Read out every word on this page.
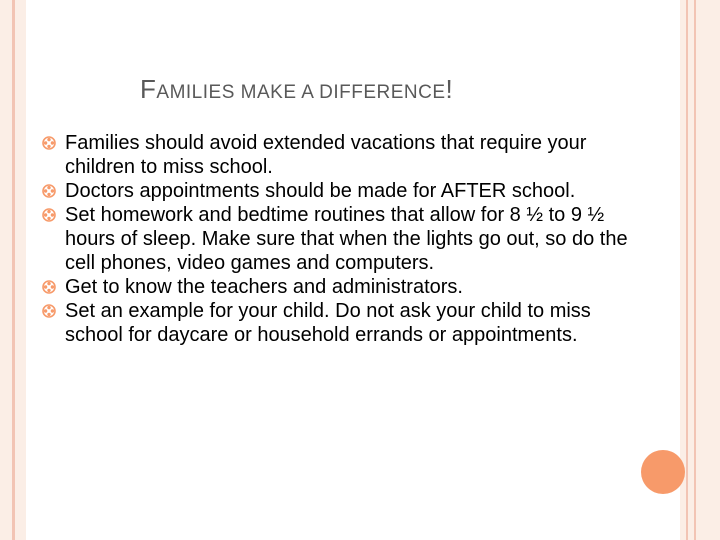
FAMILIES MAKE A DIFFERENCE!
Families should avoid extended vacations that require your children to miss school.
Doctors appointments should be made for AFTER school.
Set homework and bedtime routines that allow for 8 ½ to 9 ½ hours of sleep. Make sure that when the lights go out, so do the cell phones, video games and computers.
Get to know the teachers and administrators.
Set an example for your child. Do not ask your child to miss school for daycare or household errands or appointments.
